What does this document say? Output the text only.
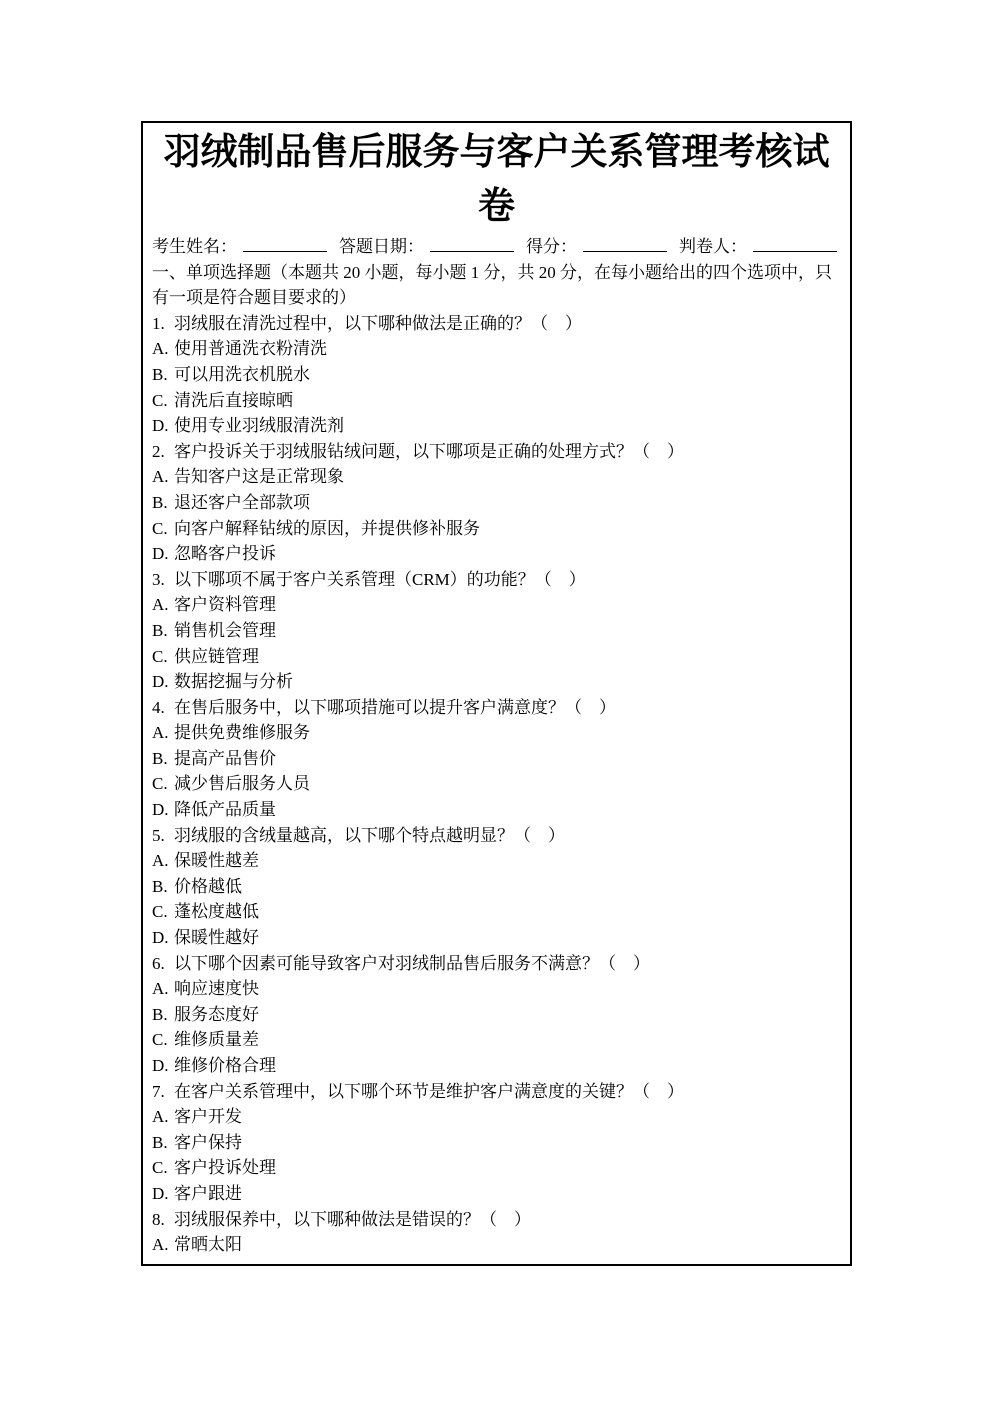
羽绒制品售后服务与客户关系管理考核试卷
考生姓名：	答题日期：	得分：	判卷人：
一、单项选择题（本题共 20 小题，每小题 1 分，共 20 分，在每小题给出的四个选项中，只有一项是符合题目要求的）
1. 羽绒服在清洗过程中，以下哪种做法是正确的？（　）
A. 使用普通洗衣粉清洗
B. 可以用洗衣机脱水
C. 清洗后直接晾晒
D. 使用专业羽绒服清洗剂
2. 客户投诉关于羽绒服钻绒问题，以下哪项是正确的处理方式？（　）
A. 告知客户这是正常现象
B. 退还客户全部款项
C. 向客户解释钻绒的原因，并提供修补服务
D. 忽略客户投诉
3. 以下哪项不属于客户关系管理（CRM）的功能？（　）
A. 客户资料管理
B. 销售机会管理
C. 供应链管理
D. 数据挖掘与分析
4. 在售后服务中，以下哪项措施可以提升客户满意度？（　）
A. 提供免费维修服务
B. 提高产品售价
C. 减少售后服务人员
D. 降低产品质量
5. 羽绒服的含绒量越高，以下哪个特点越明显？（　）
A. 保暖性越差
B. 价格越低
C. 蓬松度越低
D. 保暖性越好
6. 以下哪个因素可能导致客户对羽绒制品售后服务不满意？（　）
A. 响应速度快
B. 服务态度好
C. 维修质量差
D. 维修价格合理
7. 在客户关系管理中，以下哪个环节是维护客户满意度的关键？（　）
A. 客户开发
B. 客户保持
C. 客户投诉处理
D. 客户跟进
8. 羽绒服保养中，以下哪种做法是错误的？（　）
A. 常晒太阳
